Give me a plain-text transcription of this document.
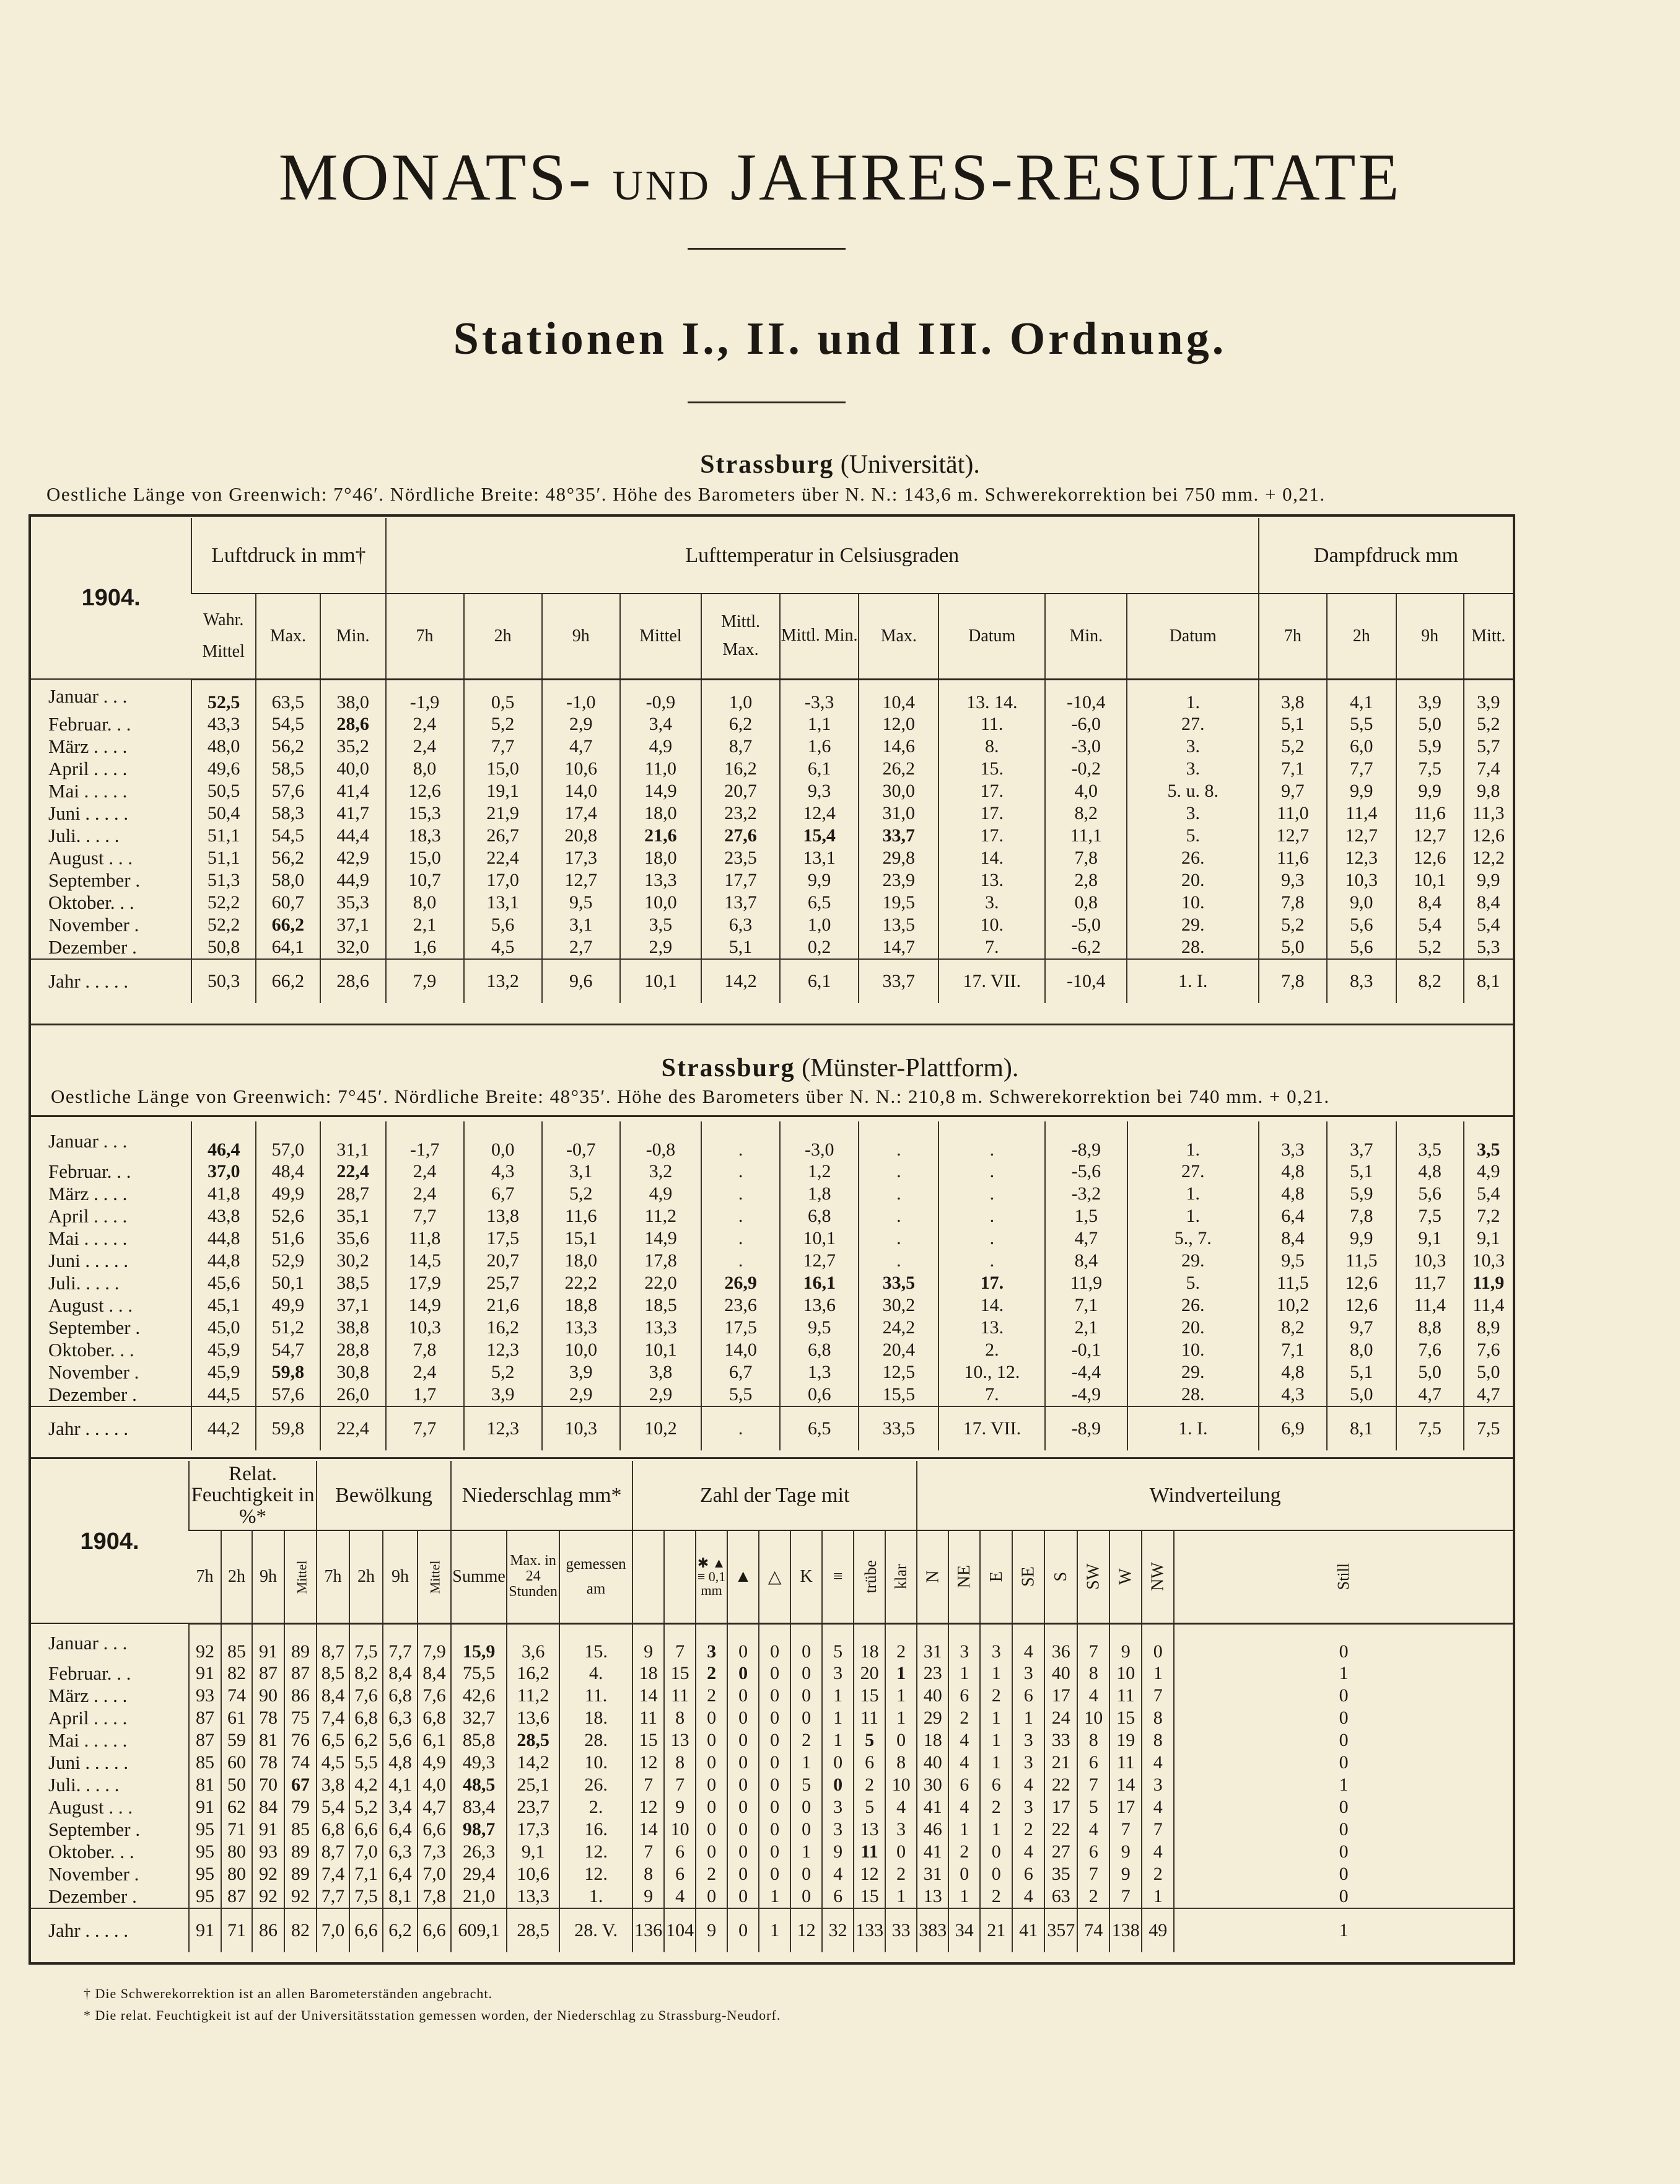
MONATS- UND JAHRES-RESULTATE
Stationen I., II. und III. Ordnung.
Strassburg (Universität).
Oestliche Länge von Greenwich: 7°46′. Nördliche Breite: 48°35′. Höhe des Barometers über N. N.: 143,6 m. Schwerekorrektion bei 750 mm. + 0,21.
1904.	Luftdruck in mm†			Lufttemperatur in Celsiusgraden										Dampfdruck mm			
	Wahr.
Mittel	Max.	Min.	7h	2h	9h	Mittel	Mittl. Max.	Mittl. Min.	Max.	Datum	Min.	Datum	7h	2h	9h	Mitt.
Januar . . .	52,5	63,5	38,0	-1,9	0,5	-1,0	-0,9	1,0	-3,3	10,4	13. 14.	-10,4	1.	3,8	4,1	3,9	3,9
Februar. . .	43,3	54,5	28,6	2,4	5,2	2,9	3,4	6,2	1,1	12,0	11.	-6,0	27.	5,1	5,5	5,0	5,2
März . . . .	48,0	56,2	35,2	2,4	7,7	4,7	4,9	8,7	1,6	14,6	8.	-3,0	3.	5,2	6,0	5,9	5,7
April . . . .	49,6	58,5	40,0	8,0	15,0	10,6	11,0	16,2	6,1	26,2	15.	-0,2	3.	7,1	7,7	7,5	7,4
Mai . . . . .	50,5	57,6	41,4	12,6	19,1	14,0	14,9	20,7	9,3	30,0	17.	4,0	5. u. 8.	9,7	9,9	9,9	9,8
Juni . . . . .	50,4	58,3	41,7	15,3	21,9	17,4	18,0	23,2	12,4	31,0	17.	8,2	3.	11,0	11,4	11,6	11,3
Juli. . . . .	51,1	54,5	44,4	18,3	26,7	20,8	21,6	27,6	15,4	33,7	17.	11,1	5.	12,7	12,7	12,7	12,6
August . . .	51,1	56,2	42,9	15,0	22,4	17,3	18,0	23,5	13,1	29,8	14.	7,8	26.	11,6	12,3	12,6	12,2
September .	51,3	58,0	44,9	10,7	17,0	12,7	13,3	17,7	9,9	23,9	13.	2,8	20.	9,3	10,3	10,1	9,9
Oktober. . .	52,2	60,7	35,3	8,0	13,1	9,5	10,0	13,7	6,5	19,5	3.	0,8	10.	7,8	9,0	8,4	8,4
November .	52,2	66,2	37,1	2,1	5,6	3,1	3,5	6,3	1,0	13,5	10.	-5,0	29.	5,2	5,6	5,4	5,4
Dezember .	50,8	64,1	32,0	1,6	4,5	2,7	2,9	5,1	0,2	14,7	7.	-6,2	28.	5,0	5,6	5,2	5,3
Jahr . . . . .	50,3	66,2	28,6	7,9	13,2	9,6	10,1	14,2	6,1	33,7	17. VII.	-10,4	1. I.	7,8	8,3	8,2	8,1
Strassburg (Münster-Plattform).
Oestliche Länge von Greenwich: 7°45′. Nördliche Breite: 48°35′. Höhe des Barometers über N. N.: 210,8 m. Schwerekorrektion bei 740 mm. + 0,21.
Januar . . .	46,4	57,0	31,1	-1,7	0,0	-0,7	-0,8	.	-3,0	.	.	-8,9	1.	3,3	3,7	3,5	3,5
Februar. . .	37,0	48,4	22,4	2,4	4,3	3,1	3,2	.	1,2	.	.	-5,6	27.	4,8	5,1	4,8	4,9
März . . . .	41,8	49,9	28,7	2,4	6,7	5,2	4,9	.	1,8	.	.	-3,2	1.	4,8	5,9	5,6	5,4
April . . . .	43,8	52,6	35,1	7,7	13,8	11,6	11,2	.	6,8	.	.	1,5	1.	6,4	7,8	7,5	7,2
Mai . . . . .	44,8	51,6	35,6	11,8	17,5	15,1	14,9	.	10,1	.	.	4,7	5., 7.	8,4	9,9	9,1	9,1
Juni . . . . .	44,8	52,9	30,2	14,5	20,7	18,0	17,8	.	12,7	.	.	8,4	29.	9,5	11,5	10,3	10,3
Juli. . . . .	45,6	50,1	38,5	17,9	25,7	22,2	22,0	26,9	16,1	33,5	17.	11,9	5.	11,5	12,6	11,7	11,9
August . . .	45,1	49,9	37,1	14,9	21,6	18,8	18,5	23,6	13,6	30,2	14.	7,1	26.	10,2	12,6	11,4	11,4
September .	45,0	51,2	38,8	10,3	16,2	13,3	13,3	17,5	9,5	24,2	13.	2,1	20.	8,2	9,7	8,8	8,9
Oktober. . .	45,9	54,7	28,8	7,8	12,3	10,0	10,1	14,0	6,8	20,4	2.	-0,1	10.	7,1	8,0	7,6	7,6
November .	45,9	59,8	30,8	2,4	5,2	3,9	3,8	6,7	1,3	12,5	10., 12.	-4,4	29.	4,8	5,1	5,0	5,0
Dezember .	44,5	57,6	26,0	1,7	3,9	2,9	2,9	5,5	0,6	15,5	7.	-4,9	28.	4,3	5,0	4,7	4,7
Jahr . . . . .	44,2	59,8	22,4	7,7	12,3	10,3	10,2	.	6,5	33,5	17. VII.	-8,9	1. I.	6,9	8,1	7,5	7,5
1904.	Relat. Feuchtigkeit in %*				Bewölkung				Niederschlag mm*			Zahl der Tage mit									Windverteilung								
	7h	2h	9h	Mittel	7h	2h	9h	Mittel	Summe	Max. in 24 Stunden	gemessen am			✱ ▲ ≡ 0,1 mm	▲	△	K	≡	trübe	klar	N	NE	E	SE	S	SW	W	NW	Still
Januar . . .	92	85	91	89	8,7	7,5	7,7	7,9	15,9	3,6	15.	9	7	3	0	0	0	5	18	2	31	3	3	4	36	7	9	0	0
Februar. . .	91	82	87	87	8,5	8,2	8,4	8,4	75,5	16,2	4.	18	15	2	0	0	0	3	20	1	23	1	1	3	40	8	10	1	1
März . . . .	93	74	90	86	8,4	7,6	6,8	7,6	42,6	11,2	11.	14	11	2	0	0	0	1	15	1	40	6	2	6	17	4	11	7	0
April . . . .	87	61	78	75	7,4	6,8	6,3	6,8	32,7	13,6	18.	11	8	0	0	0	0	1	11	1	29	2	1	1	24	10	15	8	0
Mai . . . . .	87	59	81	76	6,5	6,2	5,6	6,1	85,8	28,5	28.	15	13	0	0	0	2	1	5	0	18	4	1	3	33	8	19	8	0
Juni . . . . .	85	60	78	74	4,5	5,5	4,8	4,9	49,3	14,2	10.	12	8	0	0	0	1	0	6	8	40	4	1	3	21	6	11	4	0
Juli. . . . .	81	50	70	67	3,8	4,2	4,1	4,0	48,5	25,1	26.	7	7	0	0	0	5	0	2	10	30	6	6	4	22	7	14	3	1
August . . .	91	62	84	79	5,4	5,2	3,4	4,7	83,4	23,7	2.	12	9	0	0	0	0	3	5	4	41	4	2	3	17	5	17	4	0
September .	95	71	91	85	6,8	6,6	6,4	6,6	98,7	17,3	16.	14	10	0	0	0	0	3	13	3	46	1	1	2	22	4	7	7	0
Oktober. . .	95	80	93	89	8,7	7,0	6,3	7,3	26,3	9,1	12.	7	6	0	0	0	1	9	11	0	41	2	0	4	27	6	9	4	0
November .	95	80	92	89	7,4	7,1	6,4	7,0	29,4	10,6	12.	8	6	2	0	0	0	4	12	2	31	0	0	6	35	7	9	2	0
Dezember .	95	87	92	92	7,7	7,5	8,1	7,8	21,0	13,3	1.	9	4	0	0	1	0	6	15	1	13	1	2	4	63	2	7	1	0
Jahr . . . . .	91	71	86	82	7,0	6,6	6,2	6,6	609,1	28,5	28. V.	136	104	9	0	1	12	32	133	33	383	34	21	41	357	74	138	49	1
† Die Schwerekorrektion ist an allen Barometerständen angebracht.
* Die relat. Feuchtigkeit ist auf der Universitätsstation gemessen worden, der Niederschlag zu Strassburg-Neudorf.
